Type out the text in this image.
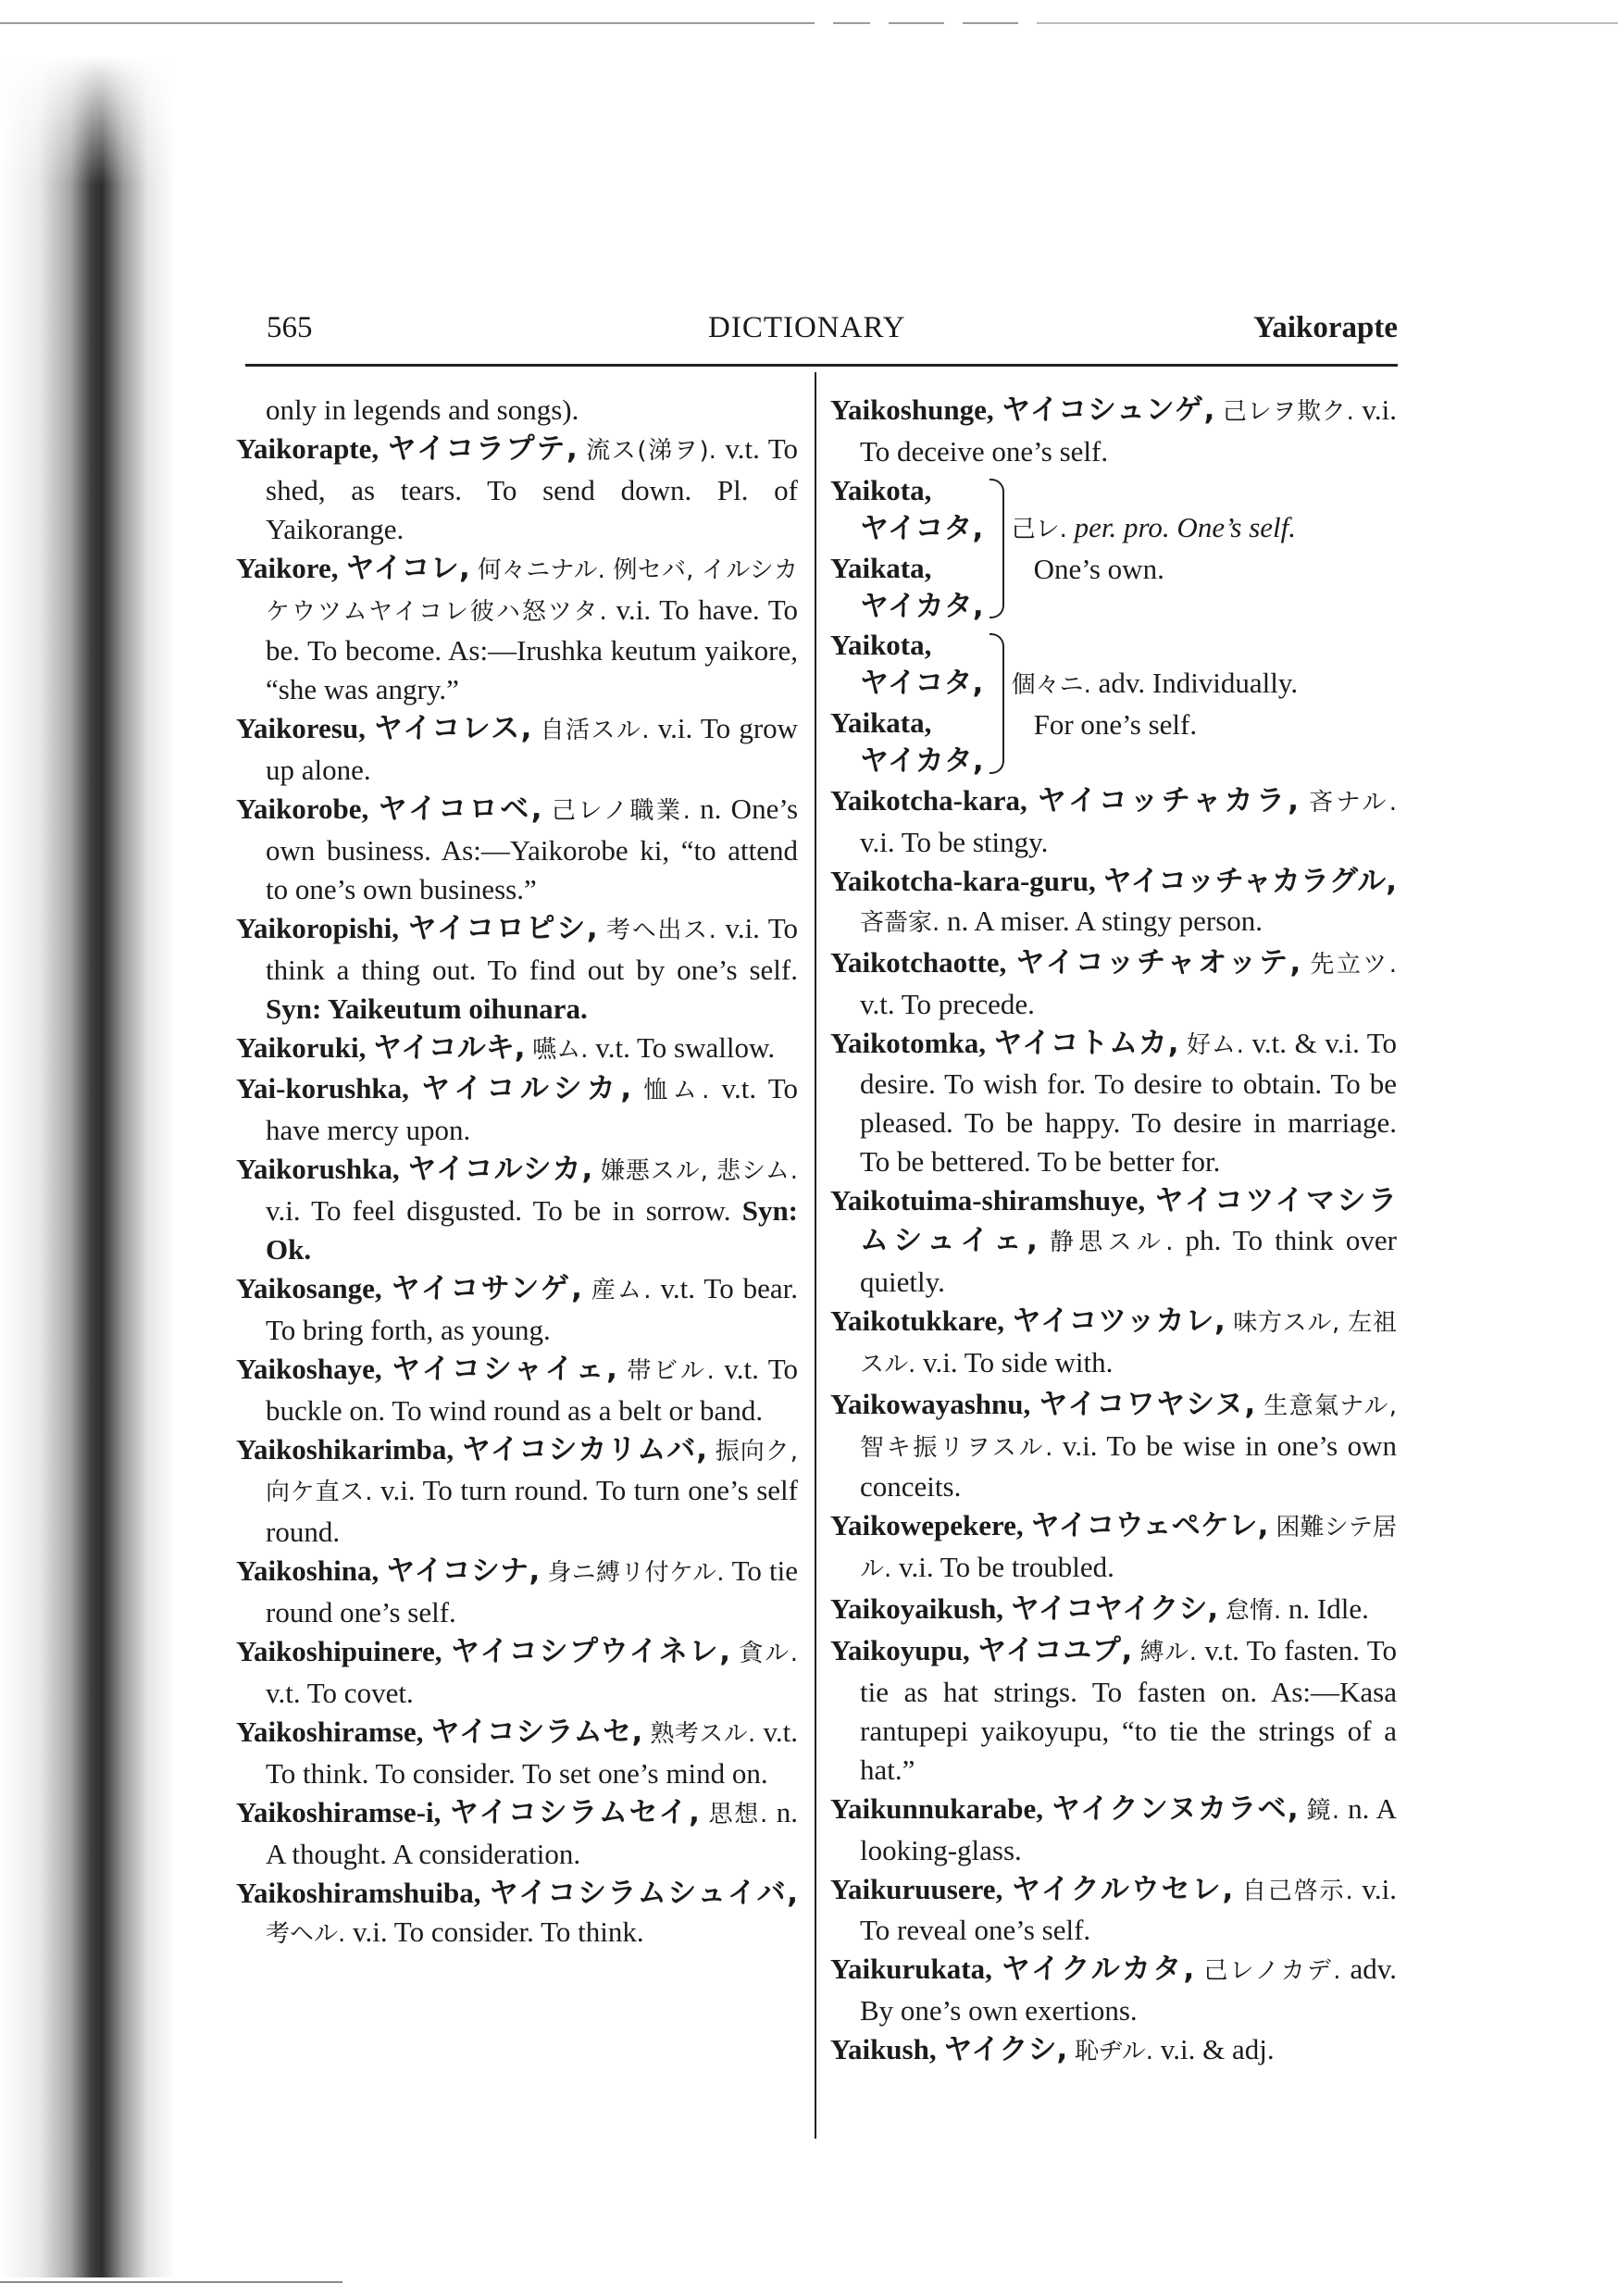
565	DICTIONARY	Yaikorapte

only in legends and songs).

Yaikorapte, ヤイコラプテ, 流ス(涕ヲ). v.t. To shed, as tears. To send down. Pl. of Yaikorange.

Yaikore, ヤイコレ, 何々ニナル. 例セバ, イルシカケウツムヤイコレ彼ハ怒ツタ. v.i. To have. To be. To become. As:—Irushka keutum yaikore, “she was angry.”

Yaikoresu, ヤイコレス, 自活スル. v.i. To grow up alone.

Yaikorobe, ヤイコロベ, 己レノ職業. n. One’s own business. As:—Yaikorobe ki, “to attend to one’s own business.”

Yaikoropishi, ヤイコロピシ, 考ヘ出ス. v.i. To think a thing out. To find out by one’s self. Syn: Yaikeutum oihunara.

Yaikoruki, ヤイコルキ, 嚥ム. v.t. To swallow.

Yai-korushka, ヤイコルシカ, 恤ム. v.t. To have mercy upon.

Yaikorushka, ヤイコルシカ, 嫌悪スル, 悲シム. v.i. To feel disgusted. To be in sorrow. Syn: Ok.

Yaikosange, ヤイコサンゲ, 産ム. v.t. To bear. To bring forth, as young.

Yaikoshaye, ヤイコシャイェ, 帯ビル. v.t. To buckle on. To wind round as a belt or band.

Yaikoshikarimba, ヤイコシカリムバ, 振向ク, 向ケ直ス. v.i. To turn round. To turn one’s self round.

Yaikoshina, ヤイコシナ, 身ニ縛リ付ケル. To tie round one’s self.

Yaikoshipuinere, ヤイコシプウイネレ, 貪ル. v.t. To covet.

Yaikoshiramse, ヤイコシラムセ, 熟考スル. v.t. To think. To consider. To set one’s mind on.

Yaikoshiramse-i, ヤイコシラムセイ, 思想. n. A thought. A consideration.

Yaikoshiramshuiba, ヤイコシラムシュイバ, 考ヘル. v.i. To consider. To think.

Yaikoshunge, ヤイコシュンゲ, 己レヲ欺ク. v.i. To deceive one’s self.

Yaikota,
ヤイコタ,
Yaikata,
ヤイカタ,
己レ. per. pro. One’s self.
One’s own.
Yaikota,
ヤイコタ,
Yaikata,
ヤイカタ,
個々ニ. adv. Individually.
For one’s self.

Yaikotcha-kara, ヤイコッチャカラ, 吝ナル. v.i. To be stingy.

Yaikotcha-kara-guru, ヤイコッチャカラグル, 吝嗇家. n. A miser. A stingy person.

Yaikotchaotte, ヤイコッチャオッテ, 先立ツ. v.t. To precede.

Yaikotomka, ヤイコトムカ, 好ム. v.t. & v.i. To desire. To wish for. To desire to obtain. To be pleased. To be happy. To desire in marriage. To be bettered. To be better for.

Yaikotuima-shiramshuye, ヤイコツイマシラムシュイェ, 静思スル. ph. To think over quietly.

Yaikotukkare, ヤイコツッカレ, 味方スル, 左祖スル. v.i. To side with.

Yaikowayashnu, ヤイコワヤシヌ, 生意氣ナル, 智キ振リヲスル. v.i. To be wise in one’s own conceits.

Yaikowepekere, ヤイコウェペケレ, 困難シテ居ル. v.i. To be troubled.

Yaikoyaikush, ヤイコヤイクシ, 怠惰. n. Idle.

Yaikoyupu, ヤイコユプ, 縛ル. v.t. To fasten. To tie as hat strings. To fasten on. As:—Kasa rantupepi yaikoyupu, “to tie the strings of a hat.”

Yaikunnukarabe, ヤイクンヌカラベ, 鏡. n. A looking-glass.

Yaikuruusere, ヤイクルウセレ, 自己啓示. v.i. To reveal one’s self.

Yaikurukata, ヤイクルカタ, 己レノカデ. adv. By one’s own exertions.

Yaikush, ヤイクシ, 恥ヂル. v.i. & adj.
